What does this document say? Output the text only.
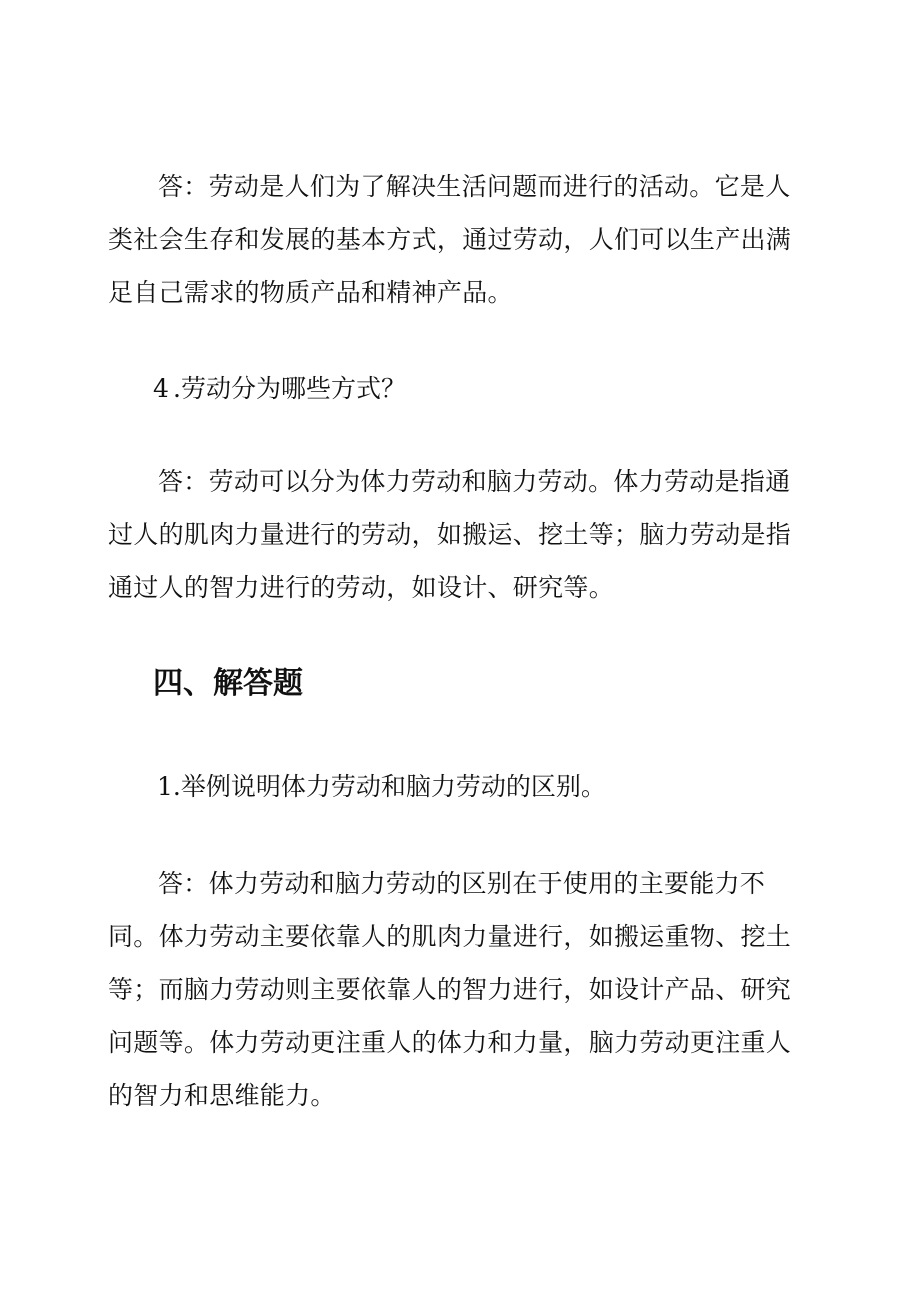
答：劳动是人们为了解决生活问题而进行的活动。它是人类社会生存和发展的基本方式，通过劳动，人们可以生产出满足自己需求的物质产品和精神产品。

4 .劳动分为哪些方式？

答：劳动可以分为体力劳动和脑力劳动。体力劳动是指通过人的肌肉力量进行的劳动，如搬运、挖土等；脑力劳动是指通过人的智力进行的劳动，如设计、研究等。

四、解答题

1.举例说明体力劳动和脑力劳动的区别。

答：体力劳动和脑力劳动的区别在于使用的主要能力不同。体力劳动主要依靠人的肌肉力量进行，如搬运重物、挖土等；而脑力劳动则主要依靠人的智力进行，如设计产品、研究问题等。体力劳动更注重人的体力和力量，脑力劳动更注重人的智力和思维能力。
